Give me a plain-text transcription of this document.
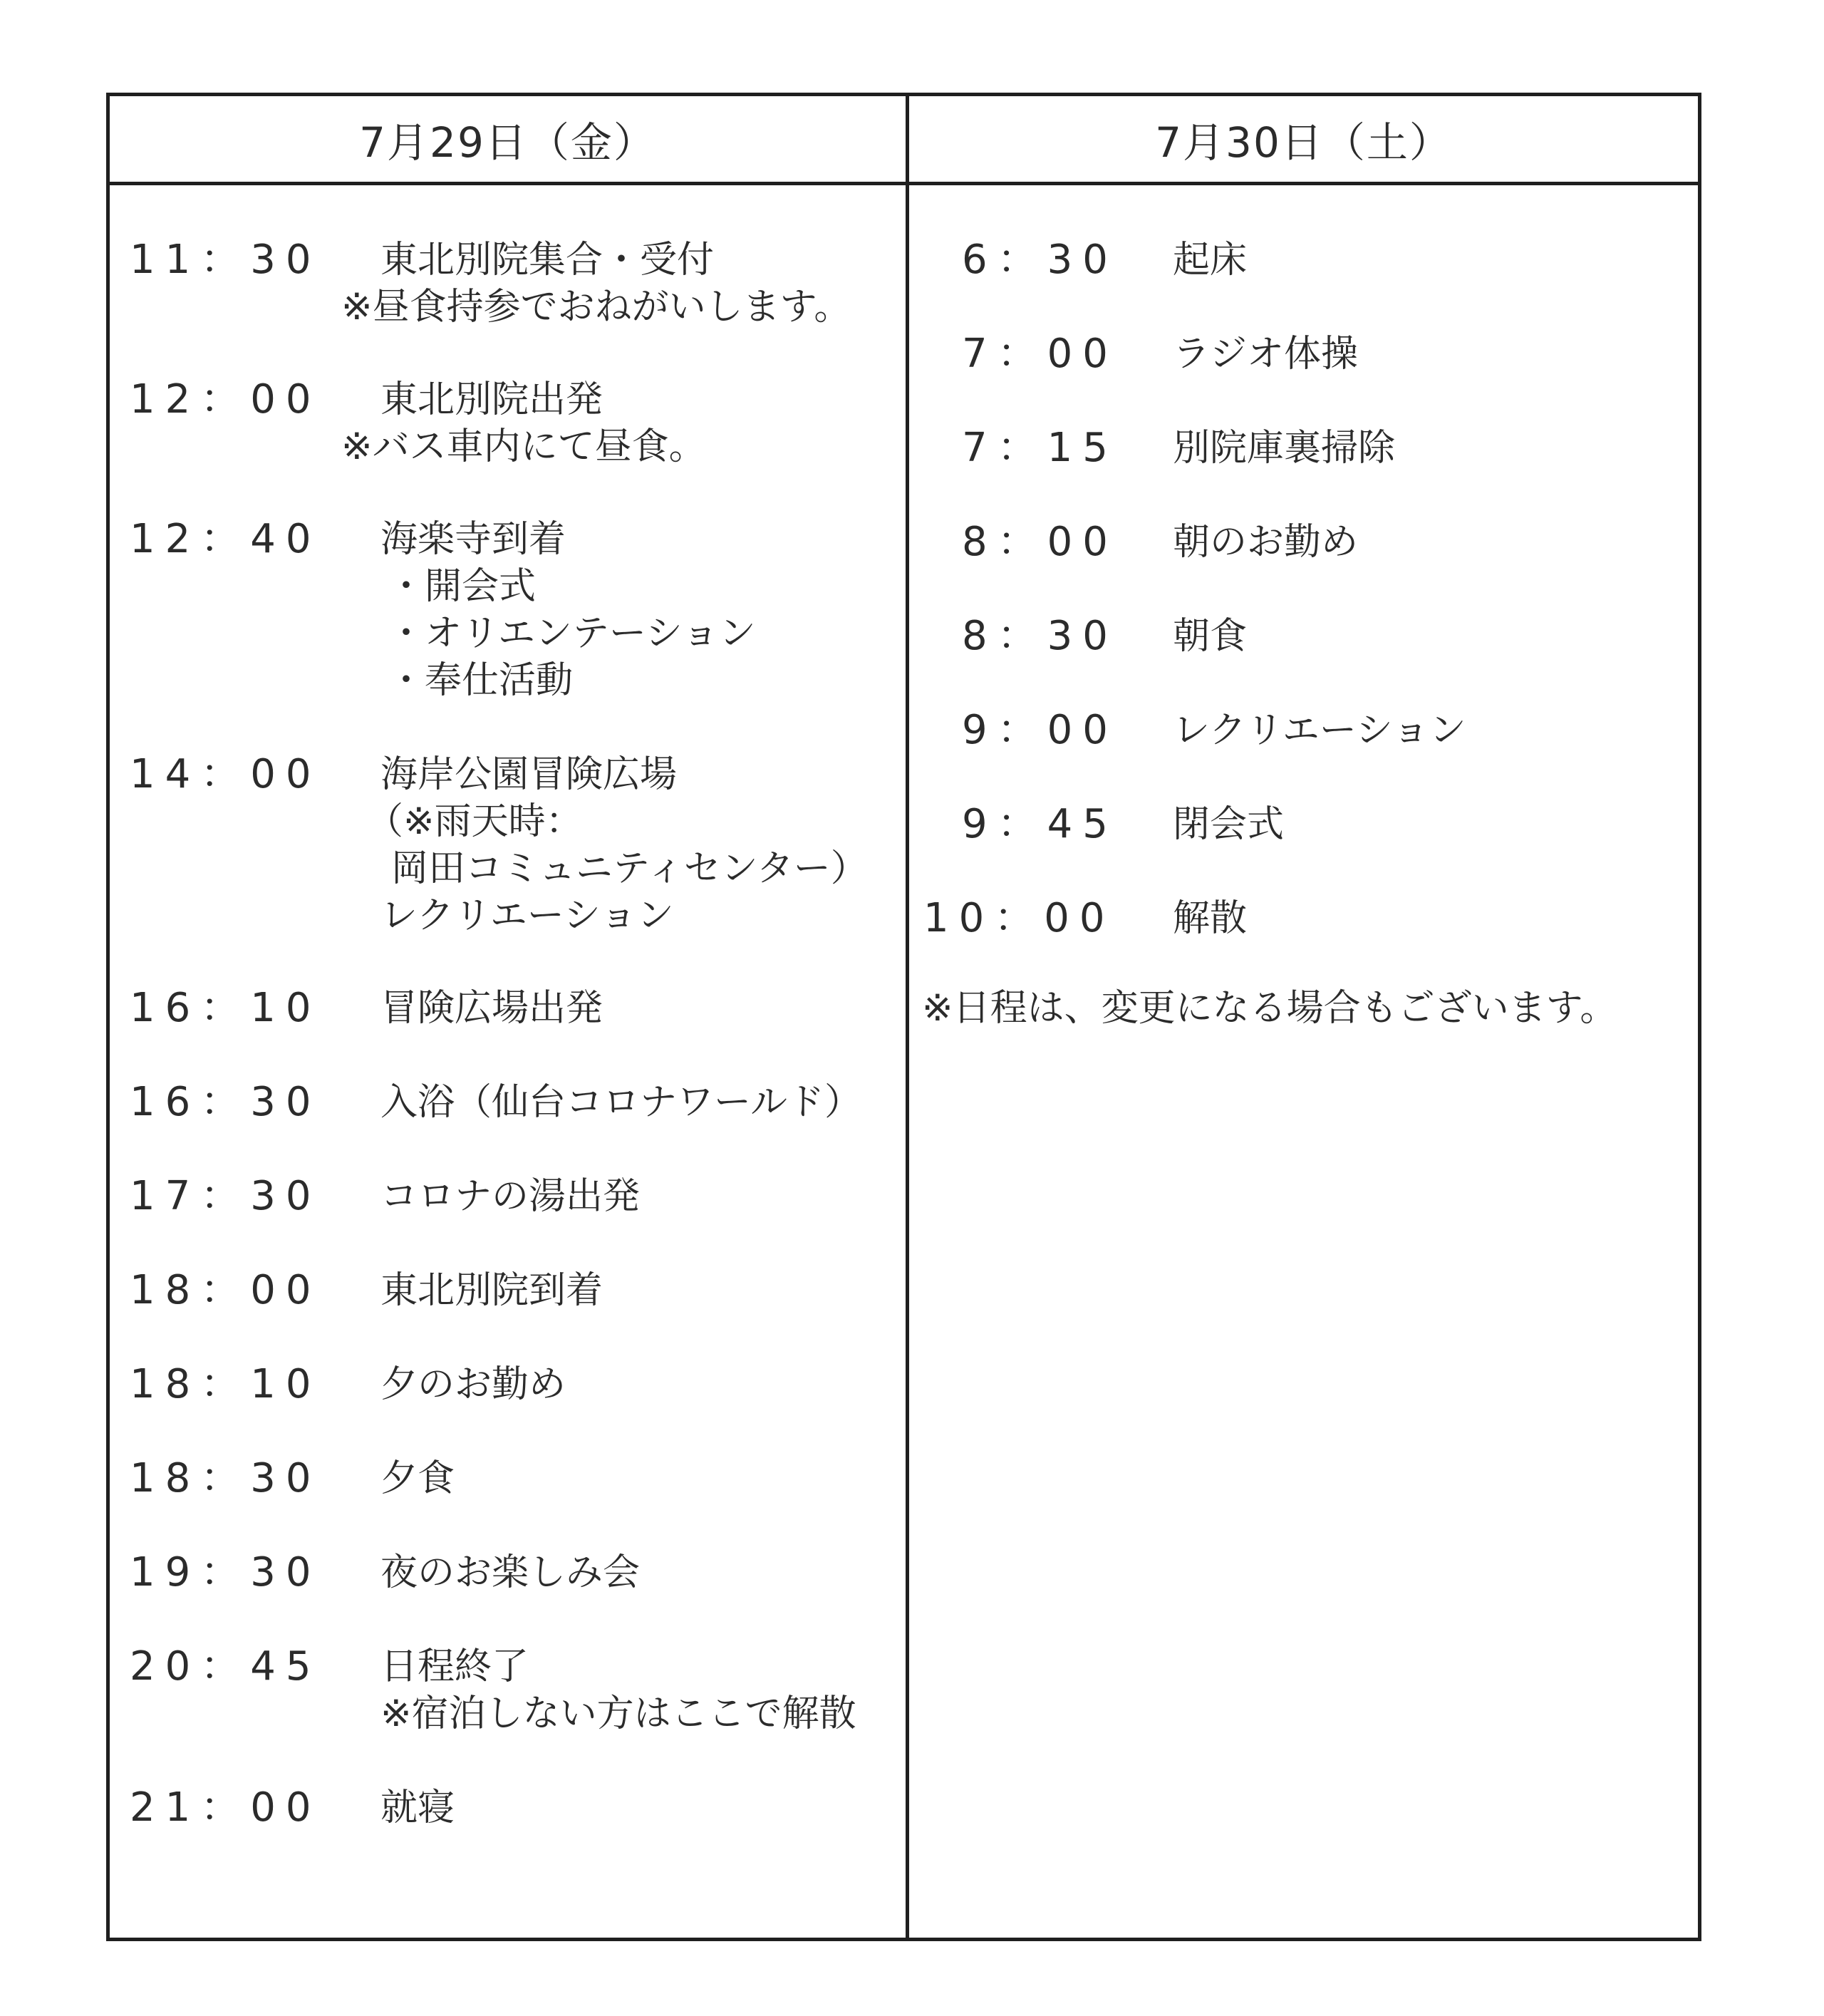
7月29日（金）	7月30日（土）
11：30 東北別院集合・受付
※昼食持参でおねがいします。
12：00 東北別院出発
※バス車内にて昼食。
12：40 海楽寺到着
・開会式
・オリエンテーション
・奉仕活動
14：00 海岸公園冒険広場
（※雨天時：
岡田コミュニティセンター）
レクリエーション
16：10 冒険広場出発
16：30 入浴（仙台コロナワールド）
17：30 コロナの湯出発
18：00 東北別院到着
18：10 夕のお勤め
18：30 夕食
19：30 夜のお楽しみ会
20：45 日程終了
※宿泊しない方はここで解散
21：00 就寝
6：30 起床
7：00 ラジオ体操
7：15 別院庫裏掃除
8：00 朝のお勤め
8：30 朝食
9：00 レクリエーション
9：45 閉会式
10：00 解散
※日程は、変更になる場合もございます。
